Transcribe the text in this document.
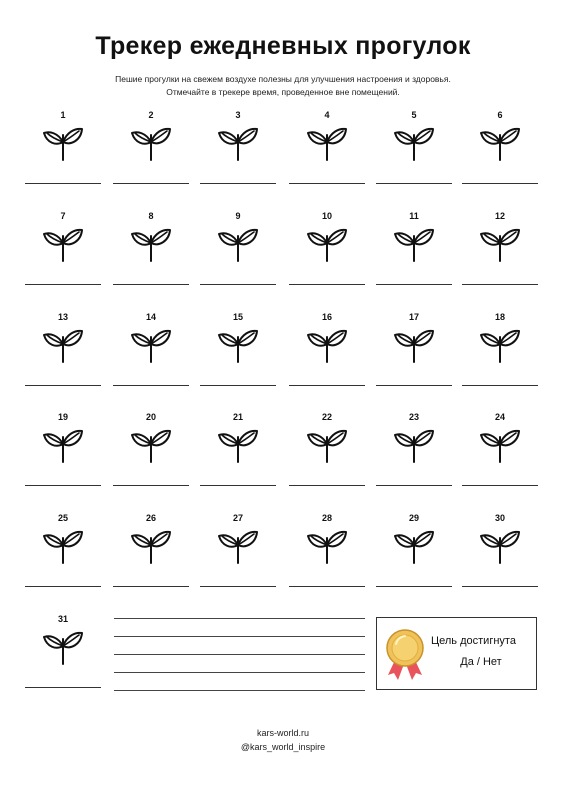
Трекер ежедневных прогулок
Пешие прогулки на свежем воздухе полезны для улучшения настроения и здоровья.
Отмечайте в трекере время, проведенное вне помещений.
1	2	3	4	5	6
7	8	9	10	11	12
13	14	15	16	17	18
19	20	21	22	23	24
25	26	27	28	29	30
31
Цель достигнута
Да / Нет
kars-world.ru
@kars_world_inspire
